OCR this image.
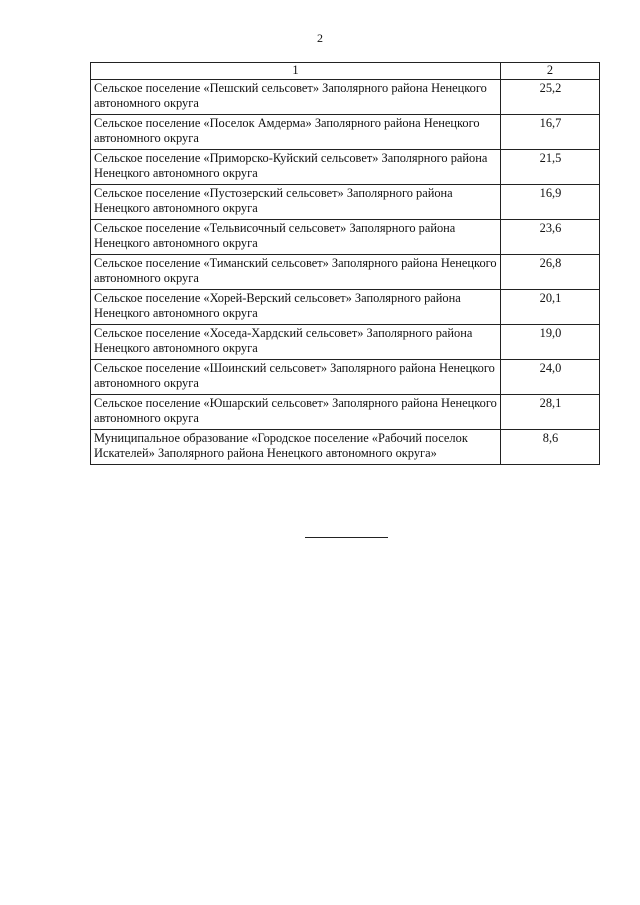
2
1	2
Сельское поселение «Пешский сельсовет» Заполярного района Ненецкого автономного округа	25,2
Сельское поселение «Поселок Амдерма» Заполярного района Ненецкого автономного округа	16,7
Сельское поселение «Приморско-Куйский сельсовет» Заполярного района Ненецкого автономного округа	21,5
Сельское поселение «Пустозерский сельсовет» Заполярного района Ненецкого автономного округа	16,9
Сельское поселение «Тельвисочный сельсовет» Заполярного района Ненецкого автономного округа	23,6
Сельское поселение «Тиманский сельсовет» Заполярного района Ненецкого автономного округа	26,8
Сельское поселение «Хорей-Верский сельсовет» Заполярного района Ненецкого автономного округа	20,1
Сельское поселение «Хоседа-Хардский сельсовет» Заполярного района Ненецкого автономного округа	19,0
Сельское поселение «Шоинский сельсовет» Заполярного района Ненецкого автономного округа	24,0
Сельское поселение «Юшарский сельсовет» Заполярного района Ненецкого автономного округа	28,1
Муниципальное образование «Городское поселение «Рабочий поселок Искателей» Заполярного района Ненецкого автономного округа»	8,6
